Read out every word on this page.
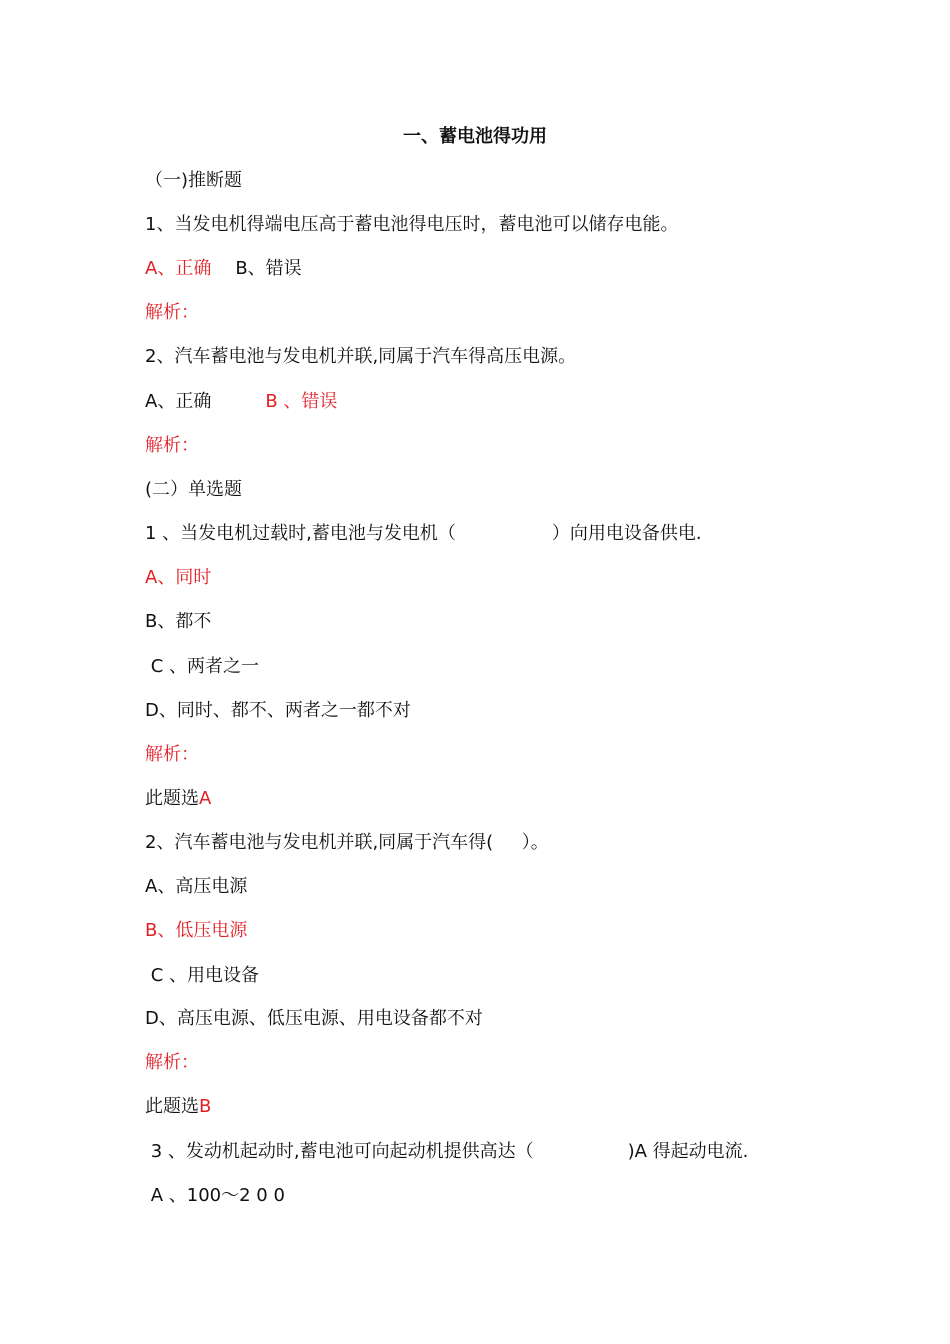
一、蓄电池得功用
（一)推断题
1、当发电机得端电压高于蓄电池得电压时，蓄电池可以储存电能。
A、正确 B、错误
解析：
2、汽车蓄电池与发电机并联,同属于汽车得高压电源。
A、正确	B 、错误
解析：
(二）单选题
1 、当发电机过载时,蓄电池与发电机（	）向用电设备供电.
A、同时
B、都不
C 、两者之一
D、同时、都不、两者之一都不对
解析：
此题选A
2、汽车蓄电池与发电机并联,同属于汽车得(     ）。
A、高压电源
B、低压电源
C 、用电设备
D、高压电源、低压电源、用电设备都不对
解析：
此题选B
3 、发动机起动时,蓄电池可向起动机提供高达（	)A 得起动电流.
A 、100～2 0 0
